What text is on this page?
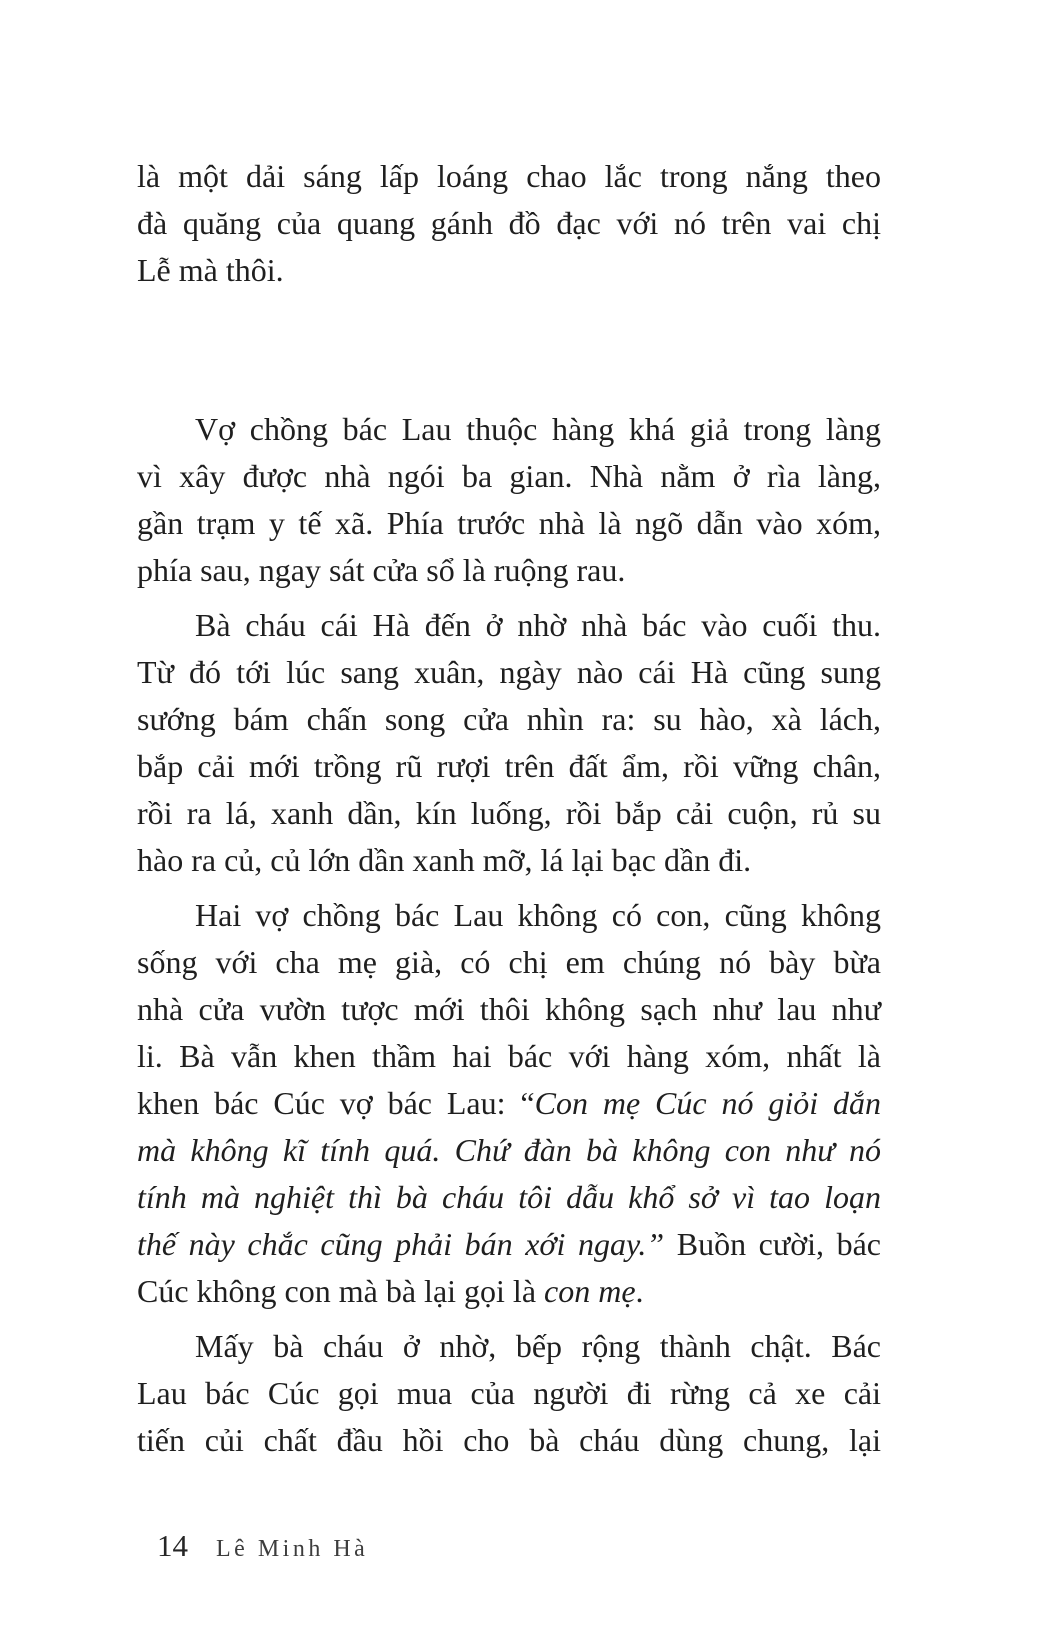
là một dải sáng lấp loáng chao lắc trong nắng theo
đà quăng của quang gánh đồ đạc với nó trên vai chị
Lễ mà thôi.
Vợ chồng bác Lau thuộc hàng khá giả trong làng
vì xây được nhà ngói ba gian. Nhà nằm ở rìa làng,
gần trạm y tế xã. Phía trước nhà là ngõ dẫn vào xóm,
phía sau, ngay sát cửa sổ là ruộng rau.
Bà cháu cái Hà đến ở nhờ nhà bác vào cuối thu.
Từ đó tới lúc sang xuân, ngày nào cái Hà cũng sung
sướng bám chấn song cửa nhìn ra: su hào, xà lách,
bắp cải mới trồng rũ rượi trên đất ẩm, rồi vững chân,
rồi ra lá, xanh dần, kín luống, rồi bắp cải cuộn, rủ su
hào ra củ, củ lớn dần xanh mỡ, lá lại bạc dần đi.
Hai vợ chồng bác Lau không có con, cũng không
sống với cha mẹ già, có chị em chúng nó bày bừa
nhà cửa vườn tược mới thôi không sạch như lau như
li. Bà vẫn khen thầm hai bác với hàng xóm, nhất là
khen bác Cúc vợ bác Lau: “Con mẹ Cúc nó giỏi dắn
mà không kĩ tính quá. Chứ đàn bà không con như nó
tính mà nghiệt thì bà cháu tôi dẫu khổ sở vì tao loạn
thế này chắc cũng phải bán xới ngay.” Buồn cười, bác
Cúc không con mà bà lại gọi là con mẹ.
Mấy bà cháu ở nhờ, bếp rộng thành chật. Bác
Lau bác Cúc gọi mua của người đi rừng cả xe cải
tiến củi chất đầu hồi cho bà cháu dùng chung, lại
14 Lê Minh Hà
